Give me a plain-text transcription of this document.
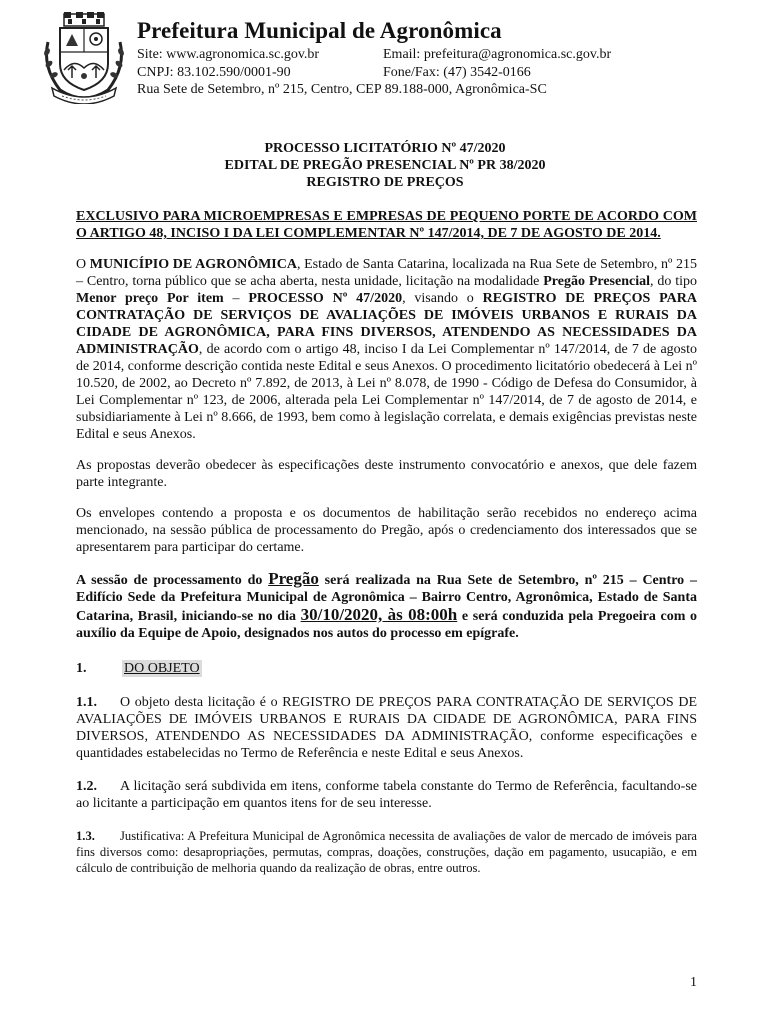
Prefeitura Municipal de Agronômica
Site: www.agronomica.sc.gov.br	Email: prefeitura@agronomica.sc.gov.br
CNPJ: 83.102.590/0001-90	Fone/Fax: (47) 3542-0166
Rua Sete de Setembro, nº 215, Centro, CEP 89.188-000, Agronômica-SC
PROCESSO LICITATÓRIO Nº 47/2020
EDITAL DE PREGÃO PRESENCIAL Nº PR 38/2020
REGISTRO DE PREÇOS

EXCLUSIVO PARA MICROEMPRESAS E EMPRESAS DE PEQUENO PORTE DE ACORDO COM O ARTIGO 48, INCISO I DA LEI COMPLEMENTAR Nº 147/2014, DE 7 DE AGOSTO DE 2014.

O MUNICÍPIO DE AGRONÔMICA, Estado de Santa Catarina, localizada na Rua Sete de Setembro, nº 215 – Centro, torna público que se acha aberta, nesta unidade, licitação na modalidade Pregão Presencial, do tipo Menor preço Por item – PROCESSO Nº 47/2020, visando o REGISTRO DE PREÇOS PARA CONTRATAÇÃO DE SERVIÇOS DE AVALIAÇÕES DE IMÓVEIS URBANOS E RURAIS DA CIDADE DE AGRONÔMICA, PARA FINS DIVERSOS, ATENDENDO AS NECESSIDADES DA ADMINISTRAÇÃO, de acordo com o artigo 48, inciso I da Lei Complementar nº 147/2014, de 7 de agosto de 2014, conforme descrição contida neste Edital e seus Anexos. O procedimento licitatório obedecerá à Lei nº 10.520, de 2002, ao Decreto nº 7.892, de 2013, à Lei nº 8.078, de 1990 - Código de Defesa do Consumidor, à Lei Complementar nº 123, de 2006, alterada pela Lei Complementar nº 147/2014, de 7 de agosto de 2014, e subsidiariamente à Lei nº 8.666, de 1993, bem como à legislação correlata, e demais exigências previstas neste Edital e seus Anexos.

As propostas deverão obedecer às especificações deste instrumento convocatório e anexos, que dele fazem parte integrante.

Os envelopes contendo a proposta e os documentos de habilitação serão recebidos no endereço acima mencionado, na sessão pública de processamento do Pregão, após o credenciamento dos interessados que se apresentarem para participar do certame.

A sessão de processamento do Pregão será realizada na Rua Sete de Setembro, nº 215 – Centro – Edifício Sede da Prefeitura Municipal de Agronômica – Bairro Centro, Agronômica, Estado de Santa Catarina, Brasil, iniciando-se no dia 30/10/2020, às 08:00h e será conduzida pela Pregoeira com o auxílio da Equipe de Apoio, designados nos autos do processo em epígrafe.

1.	DO OBJETO

1.1. O objeto desta licitação é o REGISTRO DE PREÇOS PARA CONTRATAÇÃO DE SERVIÇOS DE AVALIAÇÕES DE IMÓVEIS URBANOS E RURAIS DA CIDADE DE AGRONÔMICA, PARA FINS DIVERSOS, ATENDENDO AS NECESSIDADES DA ADMINISTRAÇÃO, conforme especificações e quantidades estabelecidas no Termo de Referência e neste Edital e seus Anexos.

1.2. A licitação será subdivida em itens, conforme tabela constante do Termo de Referência, facultando-se ao licitante a participação em quantos itens for de seu interesse.

1.3. Justificativa: A Prefeitura Municipal de Agronômica necessita de avaliações de valor de mercado de imóveis para fins diversos como: desapropriações, permutas, compras, doações, construções, dação em pagamento, usucapião, e em cálculo de contribuição de melhoria quando da realização de obras, entre outros.

1
